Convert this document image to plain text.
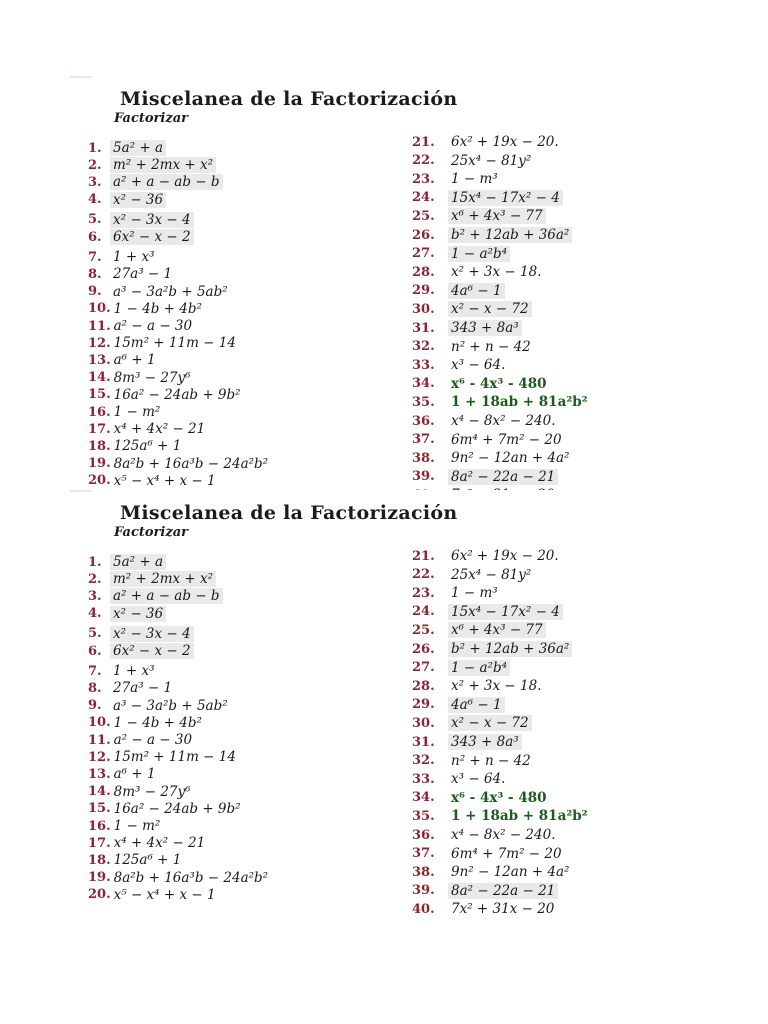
Miscelanea de la Factorización
Factorizar
1. 5a² + a
2. m² + 2mx + x²
3. a² + a − ab − b
4. x² − 36
5. x² − 3x − 4
6. 6x² − x − 2
7. 1 + x³
8. 27a³ − 1
9. a³ − 3a²b + 5ab²
10. 1 − 4b + 4b²
11. a² − a − 30
12. 15m² + 11m − 14
13. a⁶ + 1
14. 8m³ − 27y⁶
15. 16a² − 24ab + 9b²
16. 1 − m²
17. x⁴ + 4x² − 21
18. 125a⁶ + 1
19. 8a²b + 16a³b − 24a²b²
20. x⁵ − x⁴ + x − 1
21.	6x² + 19x − 20.
22.	25x⁴ − 81y²
23.	1 − m³
24.	15x⁴ − 17x² − 4
25.	x⁶ + 4x³ − 77
26.	b² + 12ab + 36a²
27.	1 − a²b⁴
28.	x² + 3x − 18.
29.	4a⁶ − 1
30.	x² − x − 72
31.	343 + 8a³
32.	n² + n − 42
33.	x³ − 64.
34.	x⁶ - 4x³ - 480
35.	1 + 18ab + 81a²b²
36.	x⁴ − 8x² − 240.
37.	6m⁴ + 7m² − 20
38.	9n² − 12an + 4a²
39.	8a² − 22a − 21
Miscelanea de la Factorización
Factorizar
1. 5a² + a
2. m² + 2mx + x²
3. a² + a − ab − b
4. x² − 36
5. x² − 3x − 4
6. 6x² − x − 2
7. 1 + x³
8. 27a³ − 1
9. a³ − 3a²b + 5ab²
10. 1 − 4b + 4b²
11. a² − a − 30
12. 15m² + 11m − 14
13. a⁶ + 1
14. 8m³ − 27y⁶
15. 16a² − 24ab + 9b²
16. 1 − m²
17. x⁴ + 4x² − 21
18. 125a⁶ + 1
19. 8a²b + 16a³b − 24a²b²
20. x⁵ − x⁴ + x − 1
21.	6x² + 19x − 20.
22.	25x⁴ − 81y²
23.	1 − m³
24.	15x⁴ − 17x² − 4
25.	x⁶ + 4x³ − 77
26.	b² + 12ab + 36a²
27.	1 − a²b⁴
28.	x² + 3x − 18.
29.	4a⁶ − 1
30.	x² − x − 72
31.	343 + 8a³
32.	n² + n − 42
33.	x³ − 64.
34.	x⁶ - 4x³ - 480
35.	1 + 18ab + 81a²b²
36.	x⁴ − 8x² − 240.
37.	6m⁴ + 7m² − 20
38.	9n² − 12an + 4a²
39.	8a² − 22a − 21
40.	7x² + 31x − 20
